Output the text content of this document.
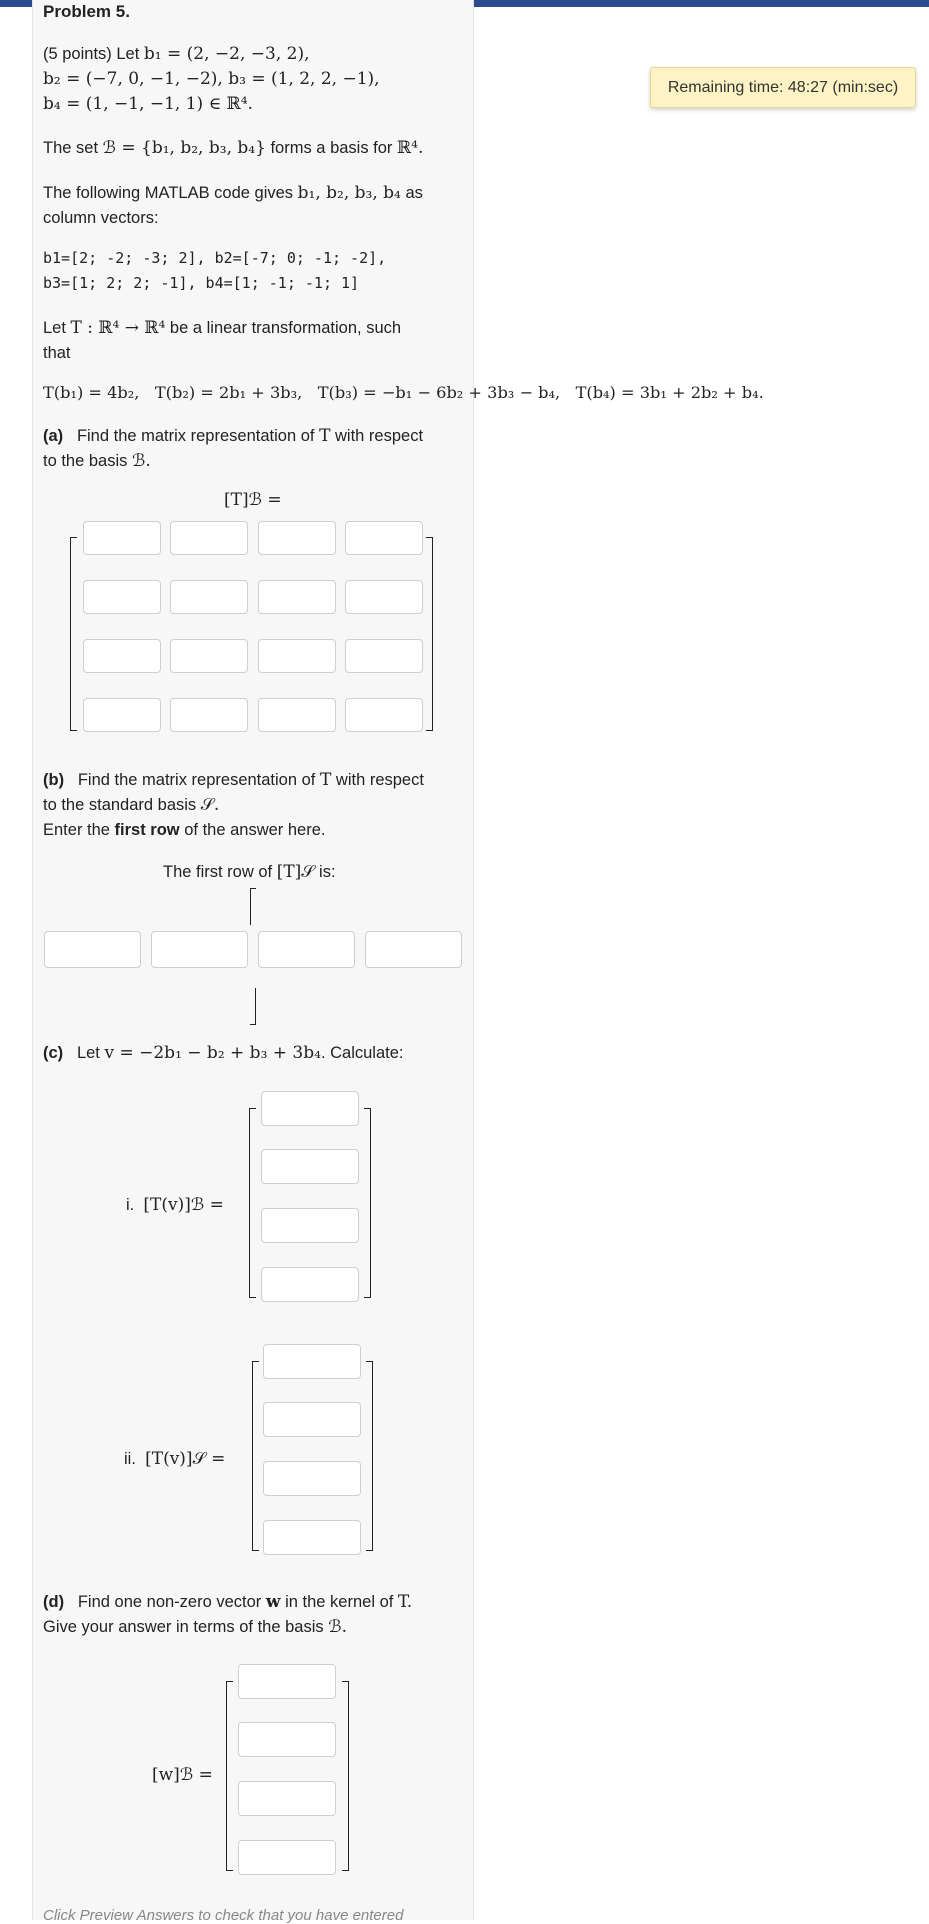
Problem 5.
Remaining time: 48:27 (min:sec)
(5 points) Let b₁ = (2, −2, −3, 2),
b₂ = (−7, 0, −1, −2), b₃ = (1, 2, 2, −1),
b₄ = (1, −1, −1, 1) ∈ ℝ⁴.
The set ℬ = {b₁, b₂, b₃, b₄} forms a basis for ℝ⁴.
The following MATLAB code gives b₁, b₂, b₃, b₄ as
column vectors:
b1=[2; -2; -3; 2], b2=[-7; 0; -1; -2],
b3=[1; 2; 2; -1], b4=[1; -1; -1; 1]
Let T : ℝ⁴ → ℝ⁴ be a linear transformation, such
that
T(b₁) = 4b₂,   T(b₂) = 2b₁ + 3b₃,   T(b₃) = −b₁ − 6b₂ + 3b₃ − b₄,   T(b₄) = 3b₁ + 2b₂ + b₄.
(a) Find the matrix representation of T with respect
to the basis ℬ.
[T]ℬ =
(b) Find the matrix representation of T with respect
to the standard basis 𝒮.
Enter the first row of the answer here.
The first row of [T]𝒮 is:
(c) Let v = −2b₁ − b₂ + b₃ + 3b₄. Calculate:
i. [T(v)]ℬ =
ii. [T(v)]𝒮 =
(d) Find one non-zero vector w in the kernel of T.
Give your answer in terms of the basis ℬ.
[w]ℬ =
Click Preview Answers to check that you have entered
